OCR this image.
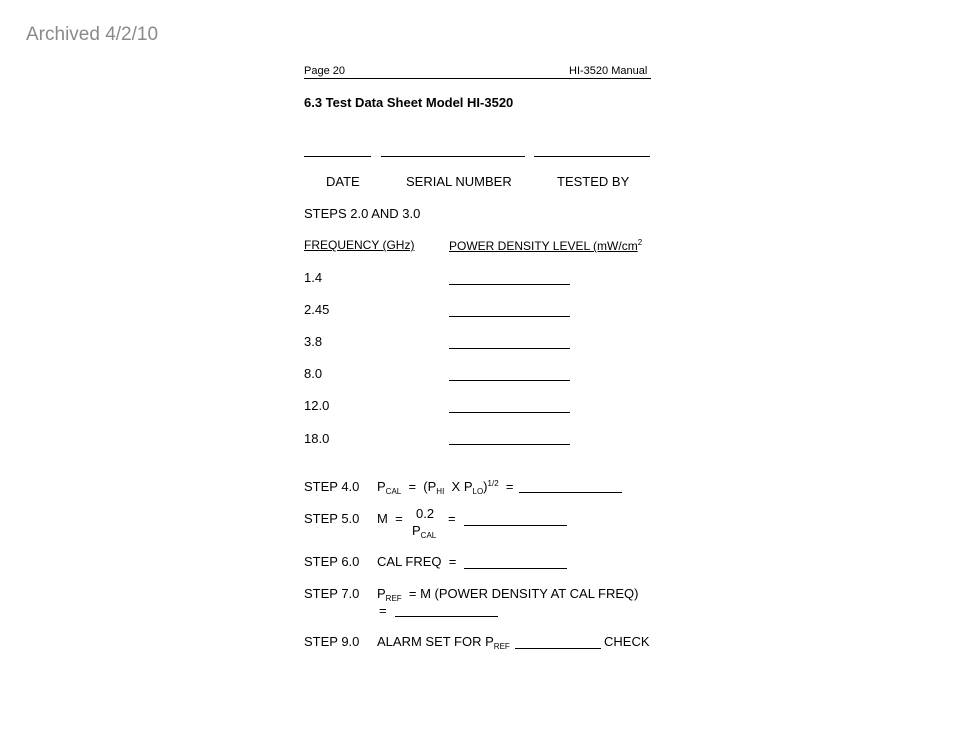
Archived 4/2/10
Page 20	HI-3520 Manual
6.3 Test Data Sheet Model HI-3520
DATE	SERIAL NUMBER	TESTED BY
STEPS 2.0 AND 3.0
FREQUENCY (GHz)	POWER DENSITY LEVEL ($mW/cm^2$
1.4
2.45
3.8
8.0
12.0
18.0
STEP 4.0 $P_{CAL} = (P_{HI}$ X $P_{LO})^{1/2}$ =
STEP 5.0 M = 0.2
$P_{CAL}$
=
STEP 6.0 CAL FREQ =
STEP 7.0 $P_{REF} = M$ (POWER DENSITY AT CAL FREQ)
=
STEP 9.0 ALARM SET FOR $P_{REF}$	CHECK
